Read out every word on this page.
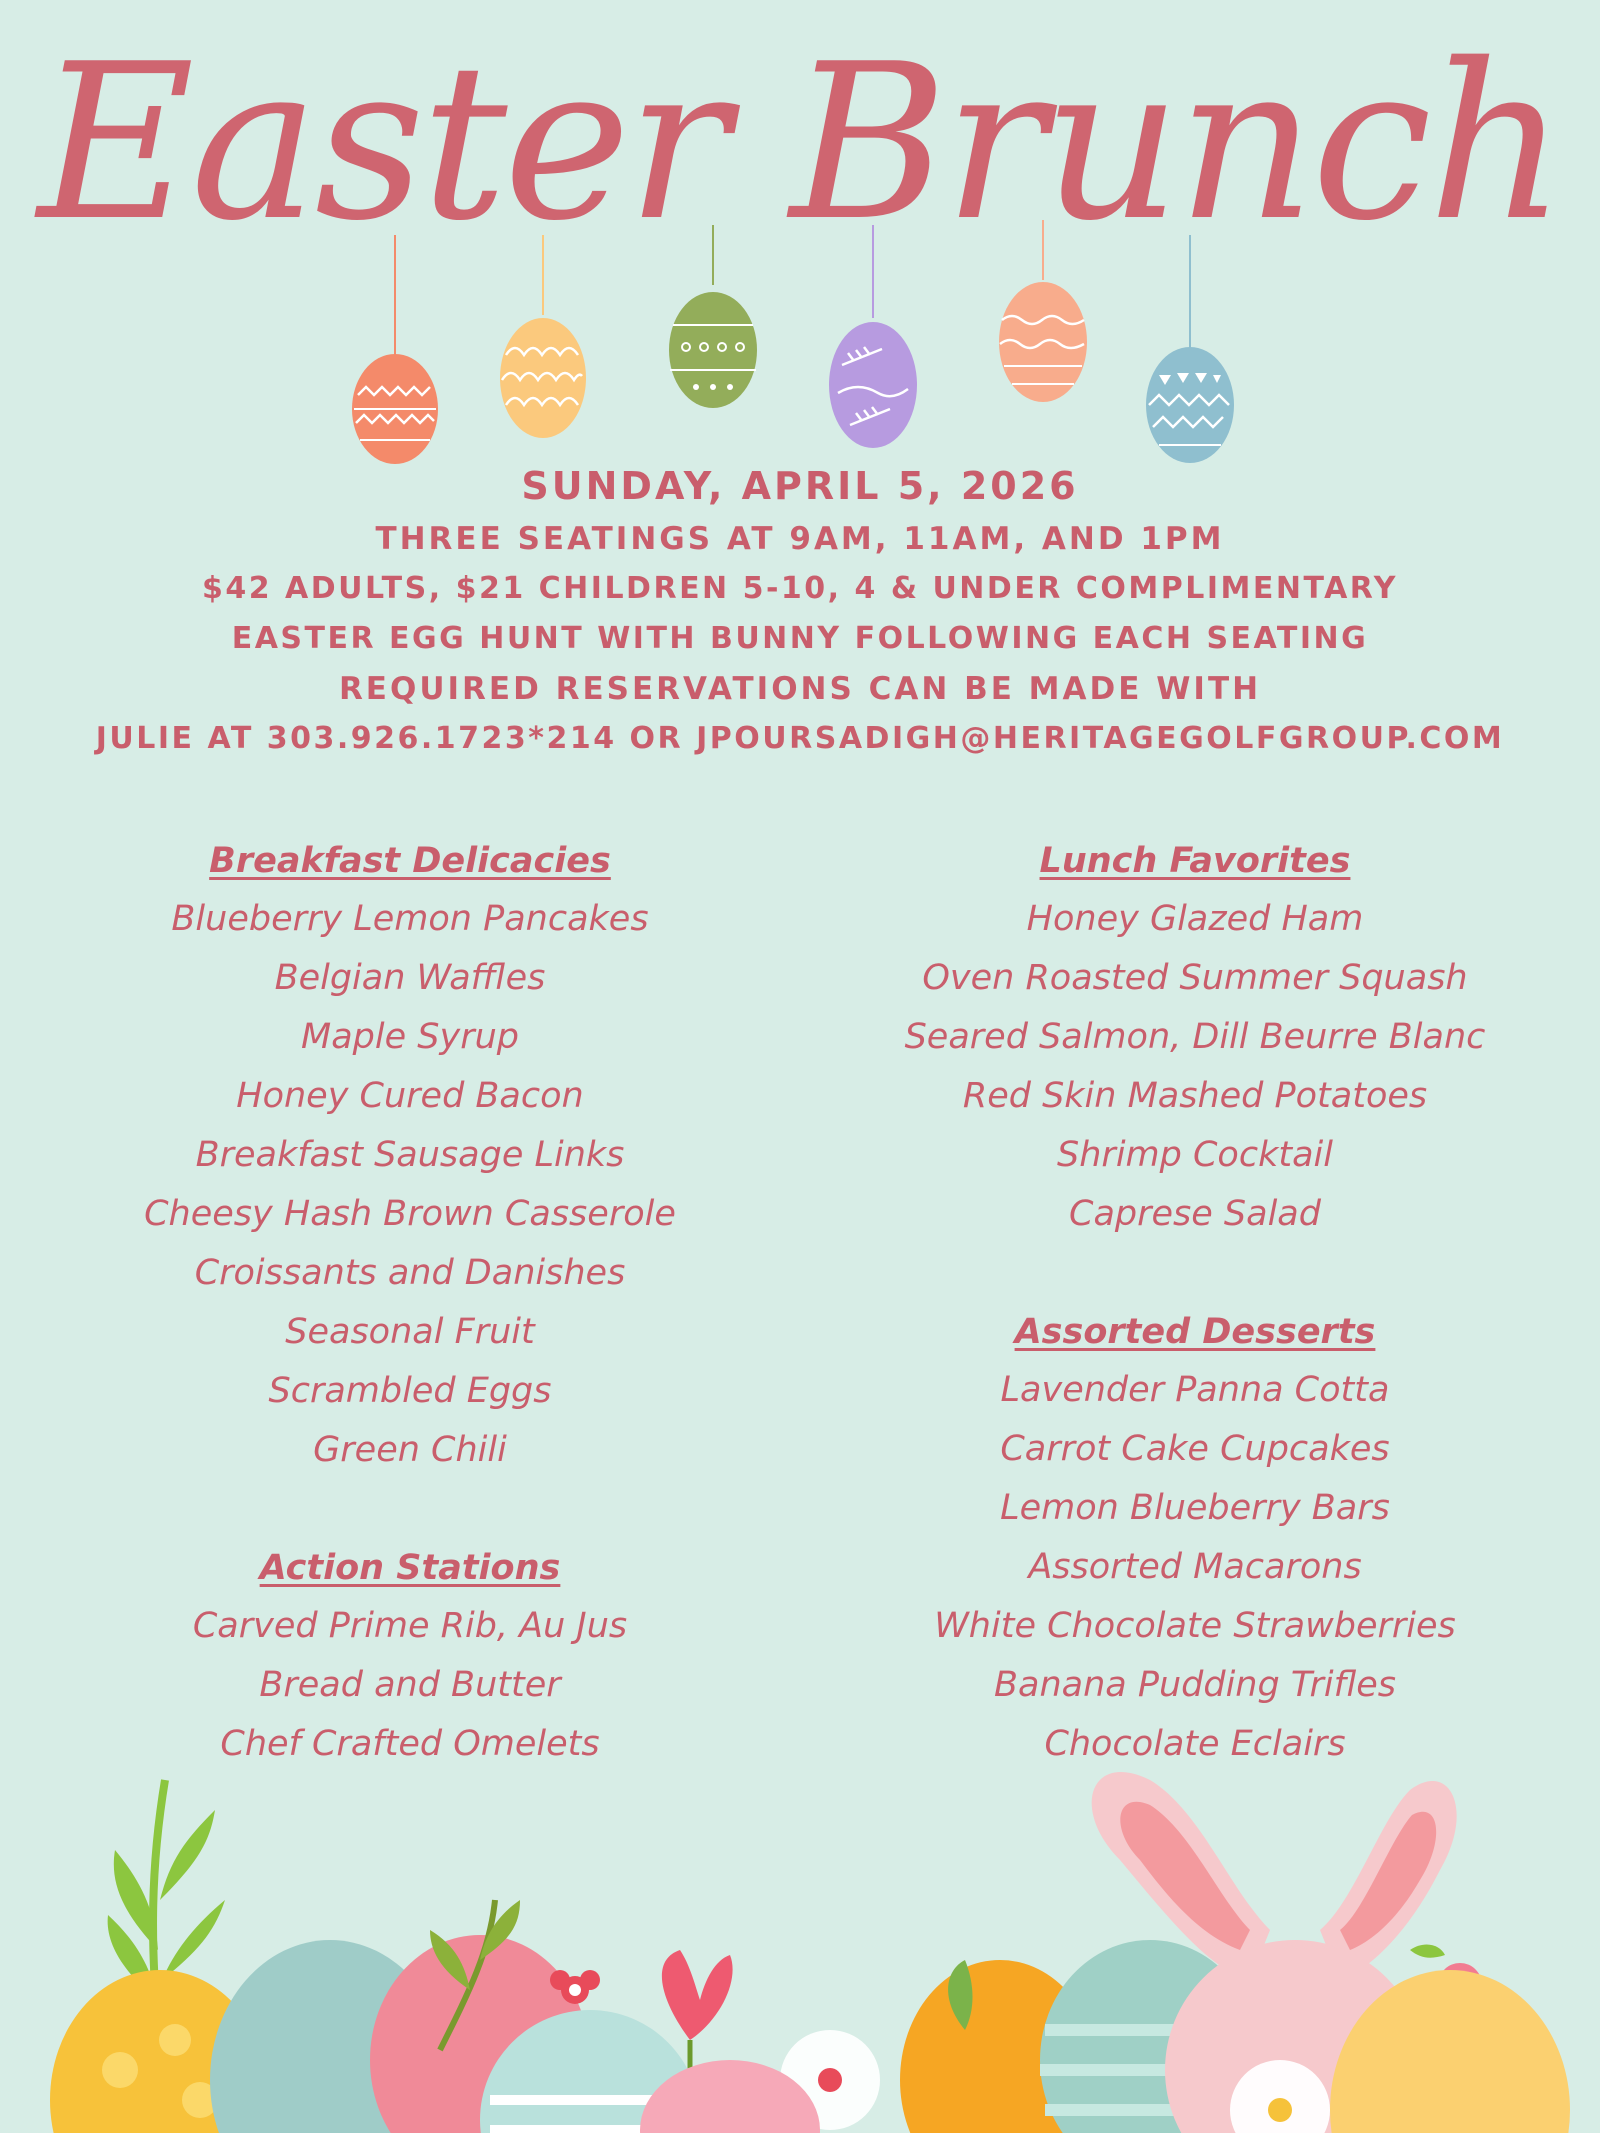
Easter Brunch
SUNDAY, APRIL 5, 2026
THREE SEATINGS AT 9AM, 11AM, AND 1PM
$42 ADULTS, $21 CHILDREN 5-10, 4 & UNDER COMPLIMENTARY
EASTER EGG HUNT WITH BUNNY FOLLOWING EACH SEATING
REQUIRED RESERVATIONS CAN BE MADE WITH
JULIE AT 303.926.1723*214 OR JPOURSADIGH@HERITAGEGOLFGROUP.COM
Breakfast Delicacies
Blueberry Lemon Pancakes
Belgian Waffles
Maple Syrup
Honey Cured Bacon
Breakfast Sausage Links
Cheesy Hash Brown Casserole
Croissants and Danishes
Seasonal Fruit
Scrambled Eggs
Green Chili
Action Stations
Carved Prime Rib, Au Jus
Bread and Butter
Chef Crafted Omelets
Lunch Favorites
Honey Glazed Ham
Oven Roasted Summer Squash
Seared Salmon, Dill Beurre Blanc
Red Skin Mashed Potatoes
Shrimp Cocktail
Caprese Salad
Assorted Desserts
Lavender Panna Cotta
Carrot Cake Cupcakes
Lemon Blueberry Bars
Assorted Macarons
White Chocolate Strawberries
Banana Pudding Trifles
Chocolate Eclairs
